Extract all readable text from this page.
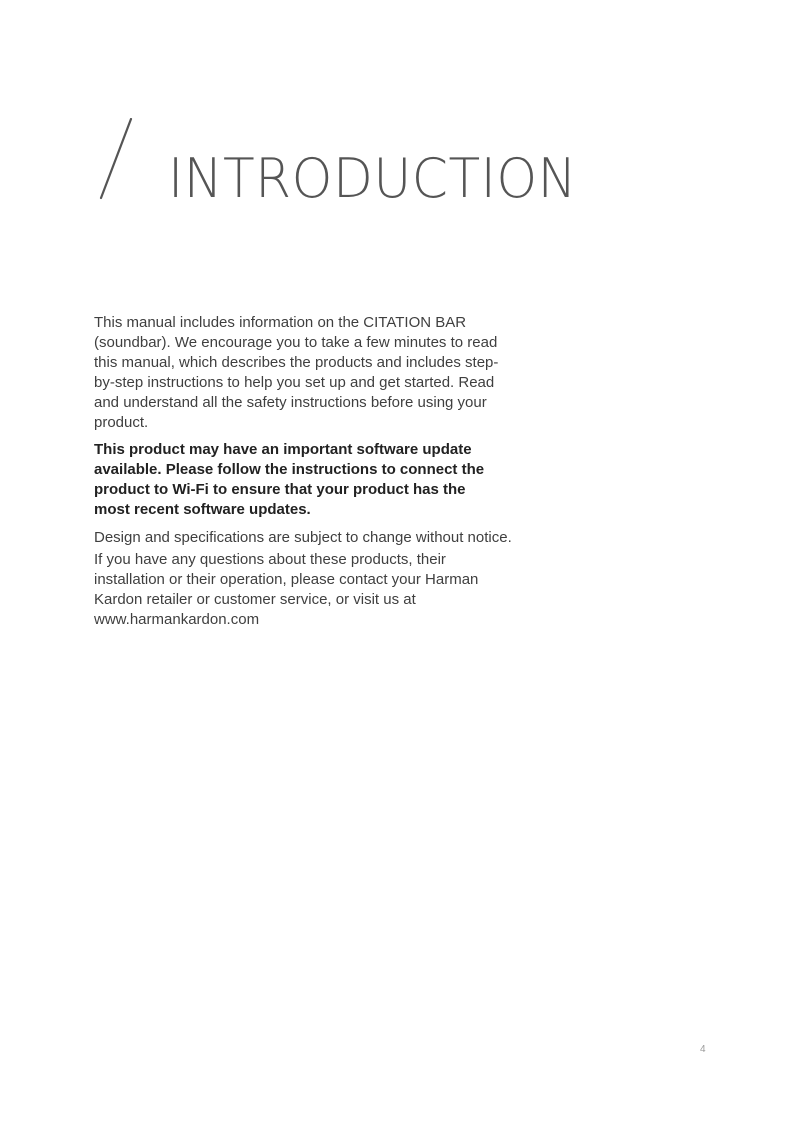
INTRODUCTION

This manual includes information on the CITATION BAR (soundbar). We encourage you to take a few minutes to read this manual, which describes the products and includes step-by-step instructions to help you set up and get started. Read and understand all the safety instructions before using your product.

This product may have an important software update available. Please follow the instructions to connect the product to Wi-Fi to ensure that your product has the most recent software updates.

Design and specifications are subject to change without notice.

If you have any questions about these products, their installation or their operation, please contact your Harman Kardon retailer or customer service, or visit us at www.harmankardon.com

4
